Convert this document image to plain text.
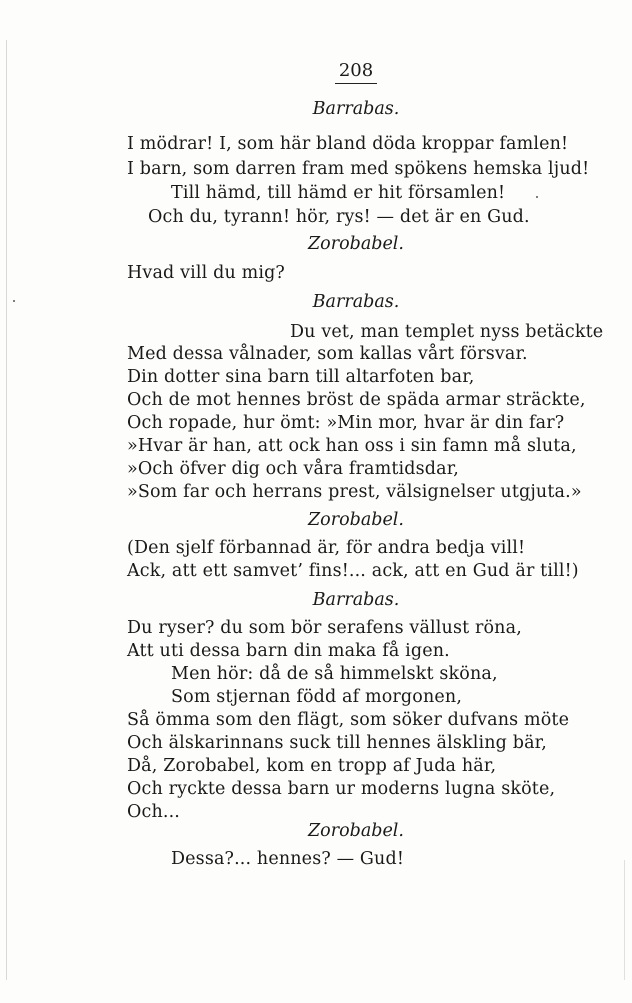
208
Barrabas.
I mödrar! I, som här bland döda kroppar famlen!
I barn, som darren fram med spökens hemska ljud!
Till hämd, till hämd er hit församlen!
Och du, tyrann! hör, rys! — det är en Gud.
Zorobabel.
Hvad vill du mig?
Barrabas.
Du vet, man templet nyss betäckte
Med dessa vålnader, som kallas vårt försvar.
Din dotter sina barn till altarfoten bar,
Och de mot hennes bröst de späda armar sträckte,
Och ropade, hur ömt: »Min mor, hvar är din far?
»Hvar är han, att ock han oss i sin famn må sluta,
»Och öfver dig och våra framtidsdar,
»Som far och herrans prest, välsignelser utgjuta.»
Zorobabel.
(Den sjelf förbannad är, för andra bedja vill!
Ack, att ett samvet’ fins!... ack, att en Gud är till!)
Barrabas.
Du ryser? du som bör serafens vällust röna,
Att uti dessa barn din maka få igen.
Men hör: då de så himmelskt sköna,
Som stjernan född af morgonen,
Så ömma som den flägt, som söker dufvans möte
Och älskarinnans suck till hennes älskling bär,
Då, Zorobabel, kom en tropp af Juda här,
Och ryckte dessa barn ur moderns lugna sköte,
Och...
Zorobabel.
Dessa?... hennes? — Gud!
